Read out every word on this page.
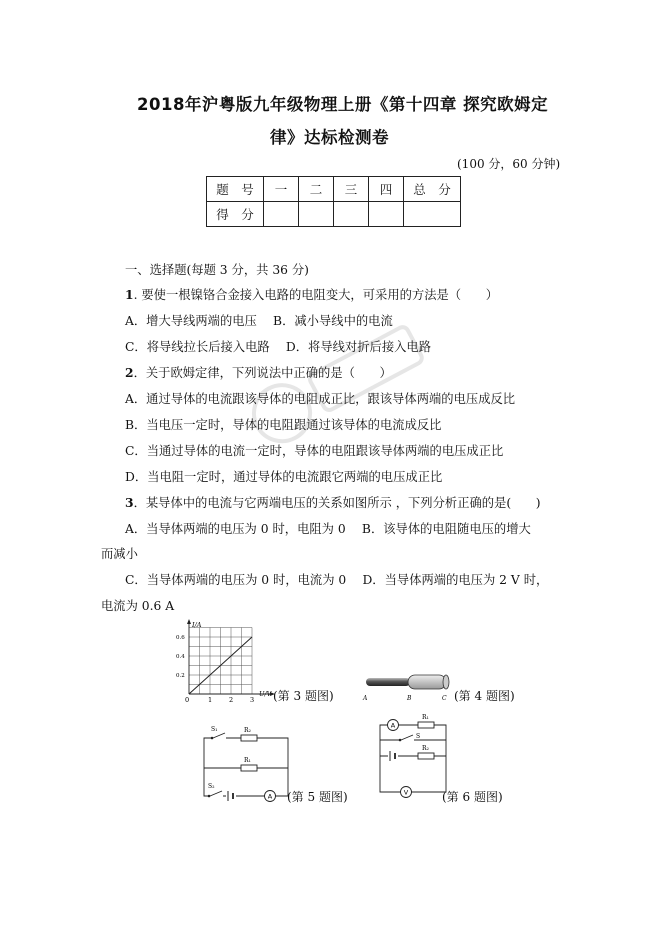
2018年沪粤版九年级物理上册《第十四章 探究欧姆定
律》达标检测卷
(100 分，60 分钟)
题　号	一	二	三	四	总　分
得　分					
一、选择题(每题 3 分，共 36 分)
1. 要使一根镍铬合金接入电路的电阻变大，可采用的方法是（　　）
A．增大导线两端的电压　 B．减小导线中的电流
C．将导线拉长后接入电路　 D．将导线对折后接入电路
2．关于欧姆定律，下列说法中正确的是（　　）
A．通过导体的电流跟该导体的电阻成正比，跟该导体两端的电压成反比
B．当电压一定时，导体的电阻跟通过该导体的电流成反比
C．当通过导体的电流一定时，导体的电阻跟该导体两端的电压成正比
D．当电阻一定时，通过导体的电流跟它两端的电压成正比
3．某导体中的电流与它两端电压的关系如图所示 ，下列分析正确的是(　　)
A．当导体两端的电压为 0 时，电阻为 0　 B．该导体的电阻随电压的增大
而减小
C．当导体两端的电压为 0 时，电流为 0　 D．当导体两端的电压为 2 V 时，
电流为 0.6 A
I/A
U/V
0	1	2	3
0.2
0.4
0.6
(第 3 题图)	A	B	C (第 4 题图)
A
S₁	R₂
R₁
S₂
(第 5 题图)
A
R₁
S
R₂
V	(第 6 题图)
